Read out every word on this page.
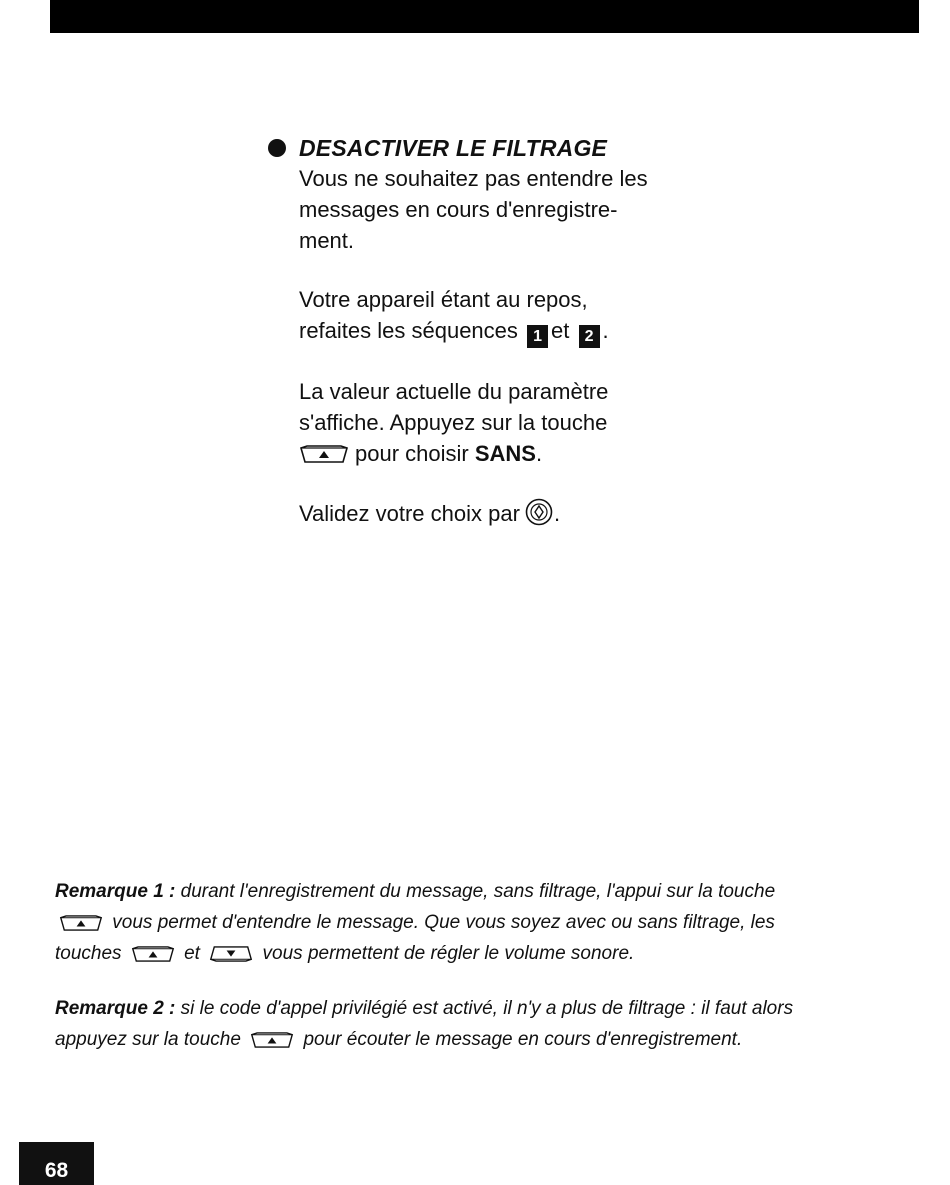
DESACTIVER LE FILTRAGE

Vous ne souhaitez pas entendre les

messages en cours d'enregistre-

ment.

Votre appareil étant au repos,

refaites les séquences 1 et 2 .

La valeur actuelle du paramètre

s'affiche. Appuyez sur la touche

pour choisir SANS.

Validez votre choix par .

Remarque 1 : durant l'enregistrement du message, sans filtrage, l'appui sur la touche
vous permet d'entendre le message. Que vous soyez avec ou sans filtrage, les
touches	et	vous permettent de régler le volume sonore.
Remarque 2 : si le code d'appel privilégié est activé, il n'y a plus de filtrage : il faut alors
appuyez sur la touche	pour écouter le message en cours d'enregistrement.
68
